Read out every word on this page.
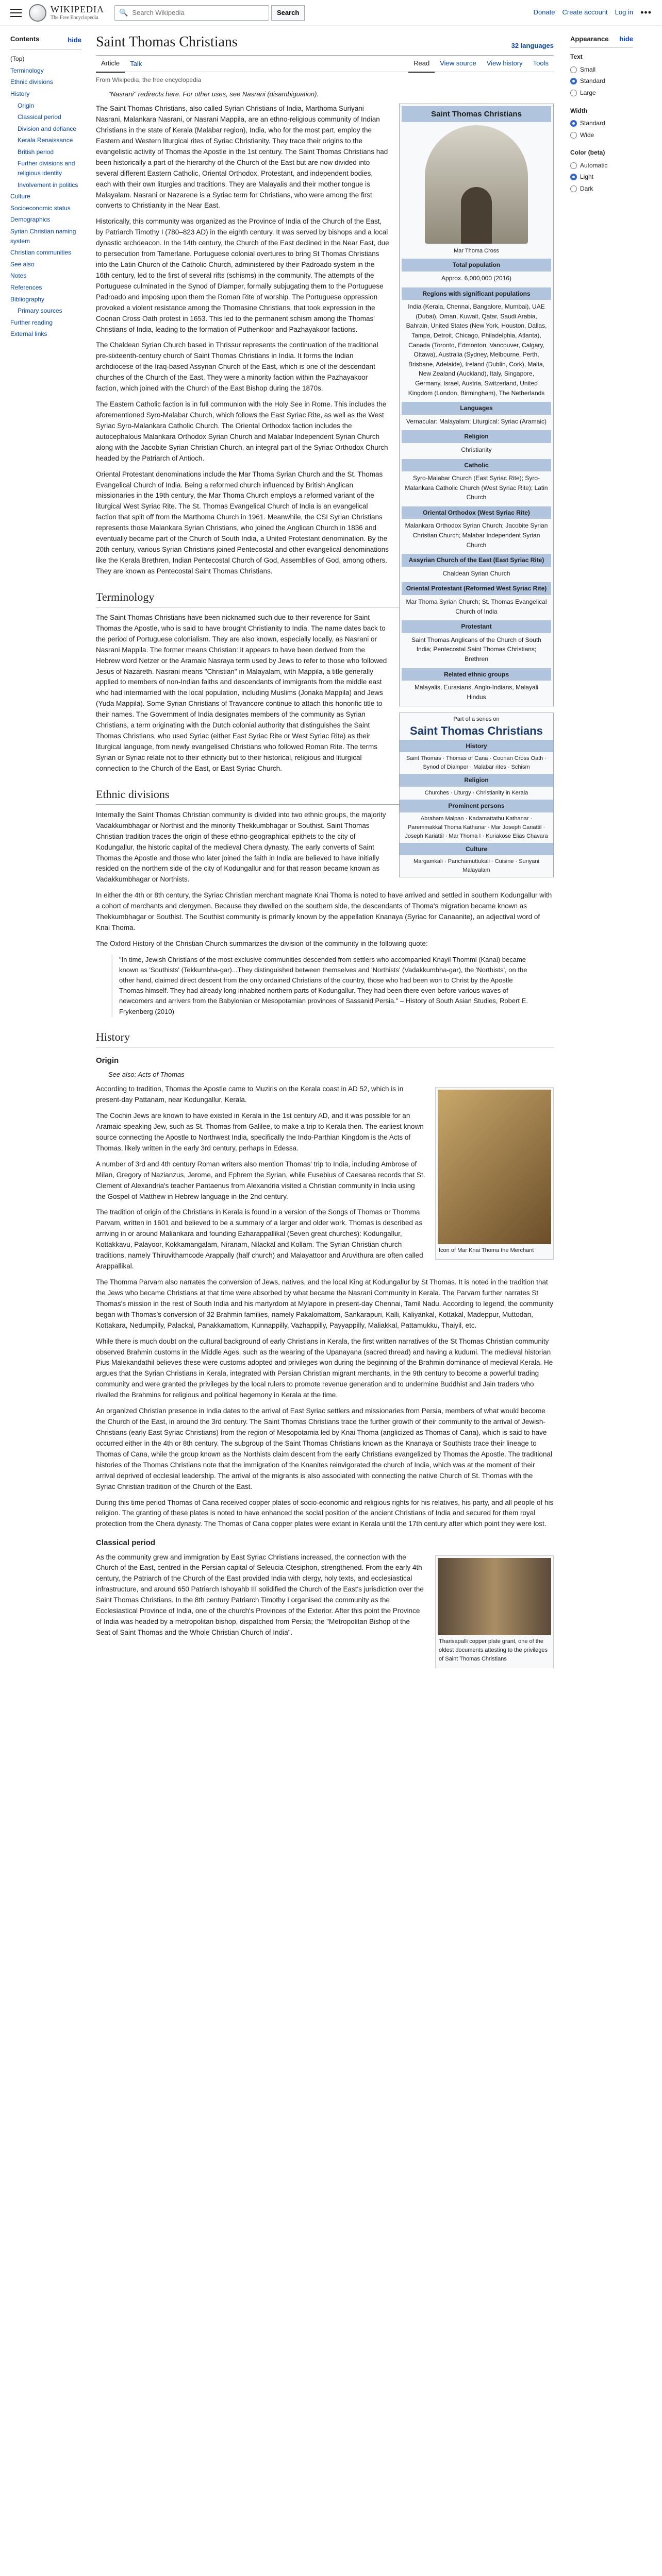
WIKIPEDIA
The Free Encyclopedia
🔍
Search Wikipedia	Search	Donate Create account Log in •••
Contents	hide
(Top)
Terminology
Ethnic divisions
History
Origin
Classical period
Division and defiance
Kerala Renaissance
British period
Further divisions and religious identity
Involvement in politics
Culture
Socioeconomic status
Demographics
Syrian Christian naming system
Christian communities
See also
Notes
References
Bibliography
Primary sources
Further reading
External links
Saint Thomas Christians	32 languages
Article	Talk	Read	View source	View history	Tools
From Wikipedia, the free encyclopedia
"Nasrani" redirects here. For other uses, see Nasrani (disambiguation).
Saint Thomas Christians
Mar Thoma Cross
Total population
Approx. 6,000,000 (2016)
Regions with significant populations
India (Kerala, Chennai, Bangalore, Mumbai), UAE (Dubai), Oman, Kuwait, Qatar, Saudi Arabia, Bahrain, United States (New York, Houston, Dallas, Tampa, Detroit, Chicago, Philadelphia, Atlanta), Canada (Toronto, Edmonton, Vancouver, Calgary, Ottawa), Australia (Sydney, Melbourne, Perth, Brisbane, Adelaide), Ireland (Dublin, Cork), Malta, New Zealand (Auckland), Italy, Singapore, Germany, Israel, Austria, Switzerland, United Kingdom (London, Birmingham), The Netherlands
Languages
Vernacular: Malayalam; Liturgical: Syriac (Aramaic)
Religion
Christianity
Catholic
Syro-Malabar Church (East Syriac Rite); Syro-Malankara Catholic Church (West Syriac Rite); Latin Church
Oriental Orthodox (West Syriac Rite)
Malankara Orthodox Syrian Church; Jacobite Syrian Christian Church; Malabar Independent Syrian Church
Assyrian Church of the East (East Syriac Rite)
Chaldean Syrian Church
Oriental Protestant (Reformed West Syriac Rite)
Mar Thoma Syrian Church; St. Thomas Evangelical Church of India
Protestant
Saint Thomas Anglicans of the Church of South India; Pentecostal Saint Thomas Christians; Brethren
Related ethnic groups
Malayalis, Eurasians, Anglo-Indians, Malayali Hindus
Part of a series on
Saint Thomas Christians
History
Saint Thomas · Thomas of Cana · Coonan Cross Oath · Synod of Diamper · Malabar rites · Schism
Religion
Churches · Liturgy · Christianity in Kerala
Prominent persons
Abraham Malpan · Kadamattathu Kathanar · Paremmakkal Thoma Kathanar · Mar Joseph Cariattil · Joseph Kariattil · Mar Thoma I · Kuriakose Elias Chavara
Culture
Margamkali · Parichamuttukali · Cuisine · Suriyani Malayalam

The Saint Thomas Christians, also called Syrian Christians of India, Marthoma Suriyani Nasrani, Malankara Nasrani, or Nasrani Mappila, are an ethno-religious community of Indian Christians in the state of Kerala (Malabar region), India, who for the most part, employ the Eastern and Western liturgical rites of Syriac Christianity. They trace their origins to the evangelistic activity of Thomas the Apostle in the 1st century. The Saint Thomas Christians had been historically a part of the hierarchy of the Church of the East but are now divided into several different Eastern Catholic, Oriental Orthodox, Protestant, and independent bodies, each with their own liturgies and traditions. They are Malayalis and their mother tongue is Malayalam. Nasrani or Nazarene is a Syriac term for Christians, who were among the first converts to Christianity in the Near East.

Historically, this community was organized as the Province of India of the Church of the East, by Patriarch Timothy I (780–823 AD) in the eighth century. It was served by bishops and a local dynastic archdeacon. In the 14th century, the Church of the East declined in the Near East, due to persecution from Tamerlane. Portuguese colonial overtures to bring St Thomas Christians into the Latin Church of the Catholic Church, administered by their Padroado system in the 16th century, led to the first of several rifts (schisms) in the community. The attempts of the Portuguese culminated in the Synod of Diamper, formally subjugating them to the Portuguese Padroado and imposing upon them the Roman Rite of worship. The Portuguese oppression provoked a violent resistance among the Thomasine Christians, that took expression in the Coonan Cross Oath protest in 1653. This led to the permanent schism among the Thomas' Christians of India, leading to the formation of Puthenkoor and Pazhayakoor factions.

The Chaldean Syrian Church based in Thrissur represents the continuation of the traditional pre-sixteenth-century church of Saint Thomas Christians in India. It forms the Indian archdiocese of the Iraq-based Assyrian Church of the East, which is one of the descendant churches of the Church of the East. They were a minority faction within the Pazhayakoor faction, which joined with the Church of the East Bishop during the 1870s.

The Eastern Catholic faction is in full communion with the Holy See in Rome. This includes the aforementioned Syro-Malabar Church, which follows the East Syriac Rite, as well as the West Syriac Syro-Malankara Catholic Church. The Oriental Orthodox faction includes the autocephalous Malankara Orthodox Syrian Church and Malabar Independent Syrian Church along with the Jacobite Syrian Christian Church, an integral part of the Syriac Orthodox Church headed by the Patriarch of Antioch.

Oriental Protestant denominations include the Mar Thoma Syrian Church and the St. Thomas Evangelical Church of India. Being a reformed church influenced by British Anglican missionaries in the 19th century, the Mar Thoma Church employs a reformed variant of the liturgical West Syriac Rite. The St. Thomas Evangelical Church of India is an evangelical faction that split off from the Marthoma Church in 1961. Meanwhile, the CSI Syrian Christians represents those Malankara Syrian Christians, who joined the Anglican Church in 1836 and eventually became part of the Church of South India, a United Protestant denomination. By the 20th century, various Syrian Christians joined Pentecostal and other evangelical denominations like the Kerala Brethren, Indian Pentecostal Church of God, Assemblies of God, among others. They are known as Pentecostal Saint Thomas Christians.

Terminology

The Saint Thomas Christians have been nicknamed such due to their reverence for Saint Thomas the Apostle, who is said to have brought Christianity to India. The name dates back to the period of Portuguese colonialism. They are also known, especially locally, as Nasrani or Nasrani Mappila. The former means Christian: it appears to have been derived from the Hebrew word Netzer or the Aramaic Nasraya term used by Jews to refer to those who followed Jesus of Nazareth. Nasrani means "Christian" in Malayalam, with Mappila, a title generally applied to members of non-Indian faiths and descendants of immigrants from the middle east who had intermarried with the local population, including Muslims (Jonaka Mappila) and Jews (Yuda Mappila). Some Syrian Christians of Travancore continue to attach this honorific title to their names. The Government of India designates members of the community as Syrian Christians, a term originating with the Dutch colonial authority that distinguishes the Saint Thomas Christians, who used Syriac (either East Syriac Rite or West Syriac Rite) as their liturgical language, from newly evangelised Christians who followed Roman Rite. The terms Syrian or Syriac relate not to their ethnicity but to their historical, religious and liturgical connection to the Church of the East, or East Syriac Church.

Ethnic divisions

Internally the Saint Thomas Christian community is divided into two ethnic groups, the majority Vadakkumbhagar or Northist and the minority Thekkumbhagar or Southist. Saint Thomas Christian tradition traces the origin of these ethno-geographical epithets to the city of Kodungallur, the historic capital of the medieval Chera dynasty. The early converts of Saint Thomas the Apostle and those who later joined the faith in India are believed to have initially resided on the northern side of the city of Kodungallur and for that reason became known as Vadakkumbhagar or Northists.

In either the 4th or 8th century, the Syriac Christian merchant magnate Knai Thoma is noted to have arrived and settled in southern Kodungallur with a cohort of merchants and clergymen. Because they dwelled on the southern side, the descendants of Thoma's migration became known as Thekkumbhagar or Southist. The Southist community is primarily known by the appellation Knanaya (Syriac for Canaanite), an adjectival word of Knai Thoma.

The Oxford History of the Christian Church summarizes the division of the community in the following quote:

"In time, Jewish Christians of the most exclusive communities descended from settlers who accompanied Knayil Thommi (Kanai) became known as 'Southists' (Tekkumbha-gar)...They distinguished between themselves and 'Northists' (Vadakkumbha-gar), the 'Northists', on the other hand, claimed direct descent from the only ordained Christians of the country, those who had been won to Christ by the Apostle Thomas himself. They had already long inhabited northern parts of Kodungallur. They had been there even before various waves of newcomers and arrivers from the Babylonian or Mesopotamian provinces of Sassanid Persia." – History of South Asian Studies, Robert E. Frykenberg (2010)
History
Origin
See also: Acts of Thomas
Icon of Mar Knai Thoma the Merchant

According to tradition, Thomas the Apostle came to Muziris on the Kerala coast in AD 52, which is in present-day Pattanam, near Kodungallur, Kerala.

The Cochin Jews are known to have existed in Kerala in the 1st century AD, and it was possible for an Aramaic-speaking Jew, such as St. Thomas from Galilee, to make a trip to Kerala then. The earliest known source connecting the Apostle to Northwest India, specifically the Indo-Parthian Kingdom is the Acts of Thomas, likely written in the early 3rd century, perhaps in Edessa.

A number of 3rd and 4th century Roman writers also mention Thomas' trip to India, including Ambrose of Milan, Gregory of Nazianzus, Jerome, and Ephrem the Syrian, while Eusebius of Caesarea records that St. Clement of Alexandria's teacher Pantaenus from Alexandria visited a Christian community in India using the Gospel of Matthew in Hebrew language in the 2nd century.

The tradition of origin of the Christians in Kerala is found in a version of the Songs of Thomas or Thomma Parvam, written in 1601 and believed to be a summary of a larger and older work. Thomas is described as arriving in or around Maliankara and founding Ezharappallikal (Seven great churches): Kodungallur, Kottakkavu, Palayoor, Kokkamangalam, Niranam, Nilackal and Kollam. The Syrian Christian church traditions, namely Thiruvithamcode Arappally (half church) and Malayattoor and Aruvithura are often called Arappallikal.

The Thomma Parvam also narrates the conversion of Jews, natives, and the local King at Kodungallur by St Thomas. It is noted in the tradition that the Jews who became Christians at that time were absorbed by what became the Nasrani Community in Kerala. The Parvam further narrates St Thomas's mission in the rest of South India and his martyrdom at Mylapore in present-day Chennai, Tamil Nadu. According to legend, the community began with Thomas's conversion of 32 Brahmin families, namely Pakalomattom, Sankarapuri, Kalli, Kaliyankal, Kottakal, Madeppur, Muttodan, Kottakara, Nedumpilly, Palackal, Panakkamattom, Kunnappilly, Vazhappilly, Payyappilly, Maliakkal, Pattamukku, Thaiyil, etc.

While there is much doubt on the cultural background of early Christians in Kerala, the first written narratives of the St Thomas Christian community observed Brahmin customs in the Middle Ages, such as the wearing of the Upanayana (sacred thread) and having a kudumi. The medieval historian Pius Malekandathil believes these were customs adopted and privileges won during the beginning of the Brahmin dominance of medieval Kerala. He argues that the Syrian Christians in Kerala, integrated with Persian Christian migrant merchants, in the 9th century to become a powerful trading community and were granted the privileges by the local rulers to promote revenue generation and to undermine Buddhist and Jain traders who rivalled the Brahmins for religious and political hegemony in Kerala at the time.

An organized Christian presence in India dates to the arrival of East Syriac settlers and missionaries from Persia, members of what would become the Church of the East, in around the 3rd century. The Saint Thomas Christians trace the further growth of their community to the arrival of Jewish-Christians (early East Syriac Christians) from the region of Mesopotamia led by Knai Thoma (anglicized as Thomas of Cana), which is said to have occurred either in the 4th or 8th century. The subgroup of the Saint Thomas Christians known as the Knanaya or Southists trace their lineage to Thomas of Cana, while the group known as the Northists claim descent from the early Christians evangelized by Thomas the Apostle. The traditional histories of the Thomas Christians note that the immigration of the Knanites reinvigorated the church of India, which was at the moment of their arrival deprived of ecclesial leadership. The arrival of the migrants is also associated with connecting the native Church of St. Thomas with the Syriac Christian tradition of the Church of the East.

During this time period Thomas of Cana received copper plates of socio-economic and religious rights for his relatives, his party, and all people of his religion. The granting of these plates is noted to have enhanced the social position of the ancient Christians of India and secured for them royal protection from the Chera dynasty. The Thomas of Cana copper plates were extant in Kerala until the 17th century after which point they were lost.

Classical period
Tharisapalli copper plate grant, one of the oldest documents attesting to the privileges of Saint Thomas Christians

As the community grew and immigration by East Syriac Christians increased, the connection with the Church of the East, centred in the Persian capital of Seleucia-Ctesiphon, strengthened. From the early 4th century, the Patriarch of the Church of the East provided India with clergy, holy texts, and ecclesiastical infrastructure, and around 650 Patriarch Ishoyahb III solidified the Church of the East's jurisdiction over the Saint Thomas Christians. In the 8th century Patriarch Timothy I organised the community as the Ecclesiastical Province of India, one of the church's Provinces of the Exterior. After this point the Province of India was headed by a metropolitan bishop, dispatched from Persia; the "Metropolitan Bishop of the Seat of Saint Thomas and the Whole Christian Church of India".

Appearance hide
Text
Small
Standard
Large
Width
Standard
Wide
Color (beta)
Automatic
Light
Dark
